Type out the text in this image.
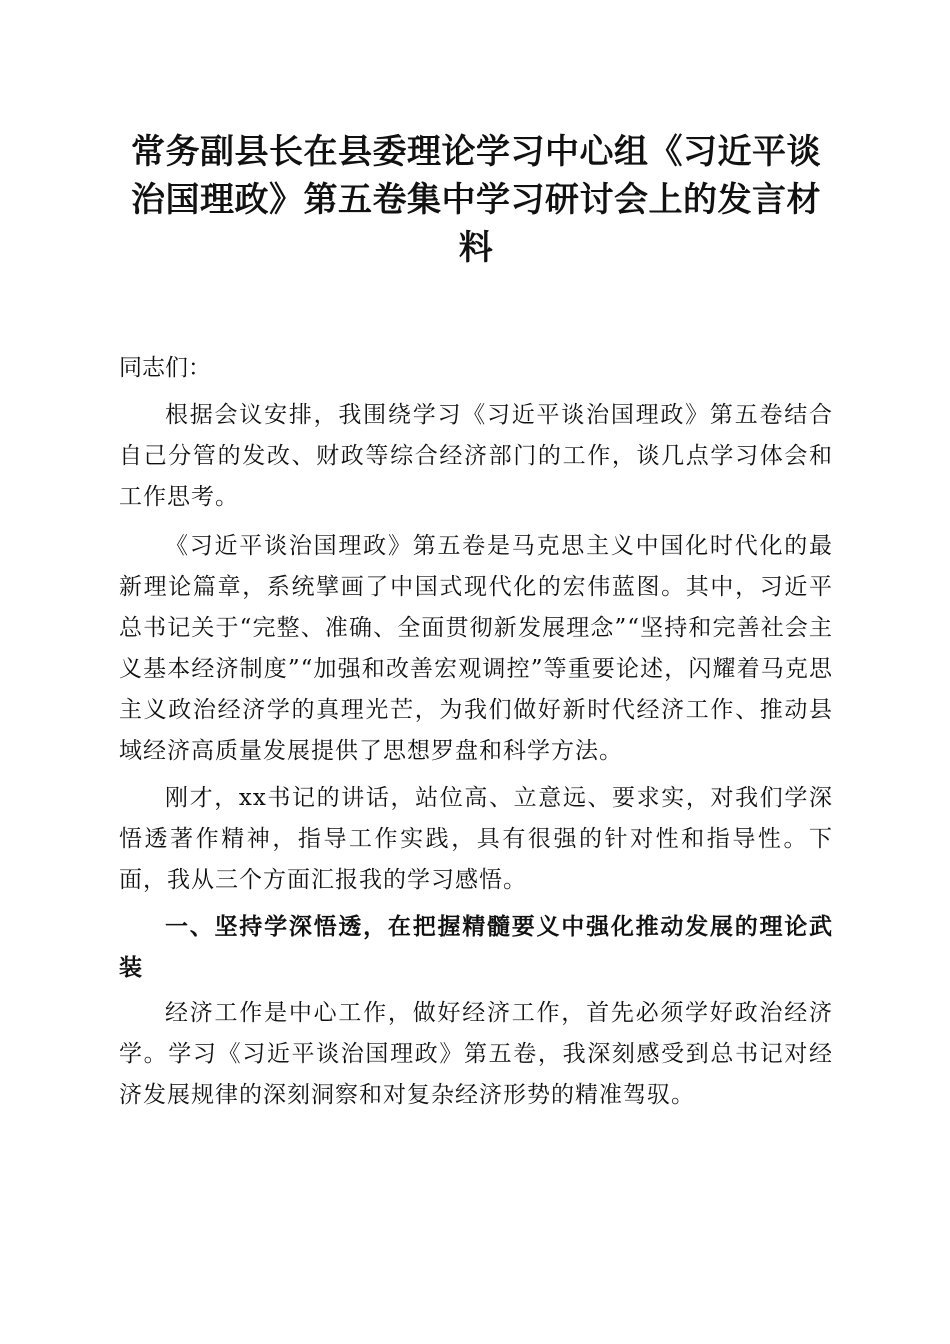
常务副县长在县委理论学习中心组《习近平谈治国理政》第五卷集中学习研讨会上的发言材料

同志们：

根据会议安排，我围绕学习《习近平谈治国理政》第五卷结合自己分管的发改、财政等综合经济部门的工作，谈几点学习体会和工作思考。

《习近平谈治国理政》第五卷是马克思主义中国化时代化的最新理论篇章，系统擘画了中国式现代化的宏伟蓝图。其中，习近平总书记关于“完整、准确、全面贯彻新发展理念”“坚持和完善社会主义基本经济制度”“加强和改善宏观调控”等重要论述，闪耀着马克思主义政治经济学的真理光芒，为我们做好新时代经济工作、推动县域经济高质量发展提供了思想罗盘和科学方法。

刚才，xx书记的讲话，站位高、立意远、要求实，对我们学深悟透著作精神，指导工作实践，具有很强的针对性和指导性。下面，我从三个方面汇报我的学习感悟。

一、坚持学深悟透，在把握精髓要义中强化推动发展的理论武装

经济工作是中心工作，做好经济工作，首先必须学好政治经济学。学习《习近平谈治国理政》第五卷，我深刻感受到总书记对经济发展规律的深刻洞察和对复杂经济形势的精准驾驭。
